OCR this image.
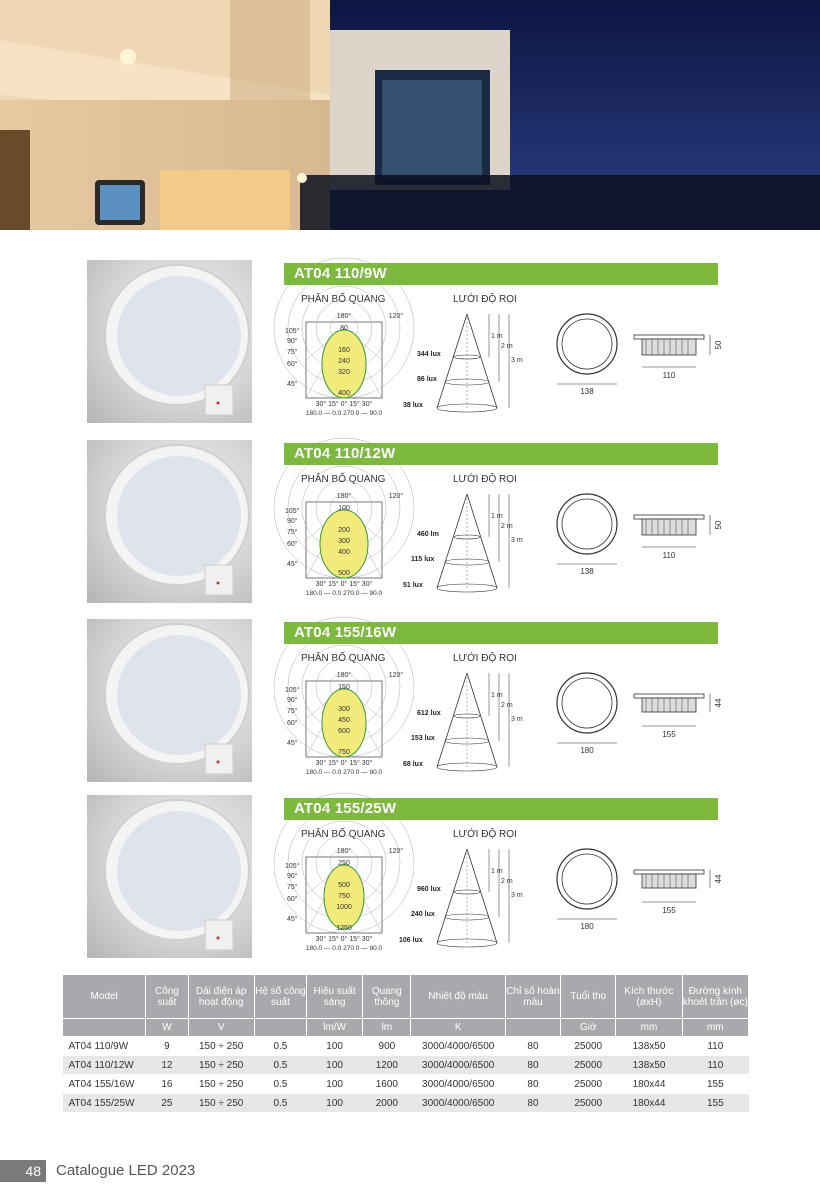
AT04 110/9W
PHÂN BỐ QUANG	LƯỚI ĐỘ RỌI
180°	120°
105°
90°
75°
60°
45°
80
160
240
320
400
30° 15° 0° 15° 30°
180.0 — 0.0 270.0 — 90.0
344 lux
86 lux
38 lux
1 m
2 m
3 m
138
110
50
AT04 110/12W
PHÂN BỐ QUANG	LƯỚI ĐỘ RỌI
180°	120°
105°
90°
75°
60°
45°
100
200
300
400
500
30° 15° 0° 15° 30°
180.0 — 0.0 270.0 — 90.0
460 lm
115 lux
51 lux
1 m
2 m
3 m
138
110
50
AT04 155/16W
PHÂN BỐ QUANG	LƯỚI ĐỘ RỌI
180°	120°
105°
90°
75°
60°
45°
150
300
450
600
750
30° 15° 0° 15° 30°
180.0 — 0.0 270.0 — 90.0
612 lux
153 lux
68 lux
1 m
2 m
3 m
180
155
44
AT04 155/25W
PHÂN BỐ QUANG	LƯỚI ĐỘ RỌI
180°	120°
105°
90°
75°
60°
45°
250
500
750
1000
1250
30° 15° 0° 15° 30°
180.0 — 0.0 270.0 — 90.0
960 lux
240 lux
106 lux
1 m
2 m
3 m
180
155
44
Model	Công suất	Dải điện áp hoạt động	Hệ số công suất	Hiệu suất sáng	Quang thông	Nhiệt độ màu	Chỉ số hoàn màu	Tuổi thọ	Kích thước (øxH)	Đường kính khoét trần (øc)
	W	V		lm/W	lm	K		Giờ	mm	mm
AT04 110/9W	9	150 ÷ 250	0.5	100	900	3000/4000/6500	80	25000	138x50	110
AT04 110/12W	12	150 ÷ 250	0.5	100	1200	3000/4000/6500	80	25000	138x50	110
AT04 155/16W	16	150 ÷ 250	0.5	100	1600	3000/4000/6500	80	25000	180x44	155
AT04 155/25W	25	150 ÷ 250	0.5	100	2000	3000/4000/6500	80	25000	180x44	155
48	Catalogue LED 2023
